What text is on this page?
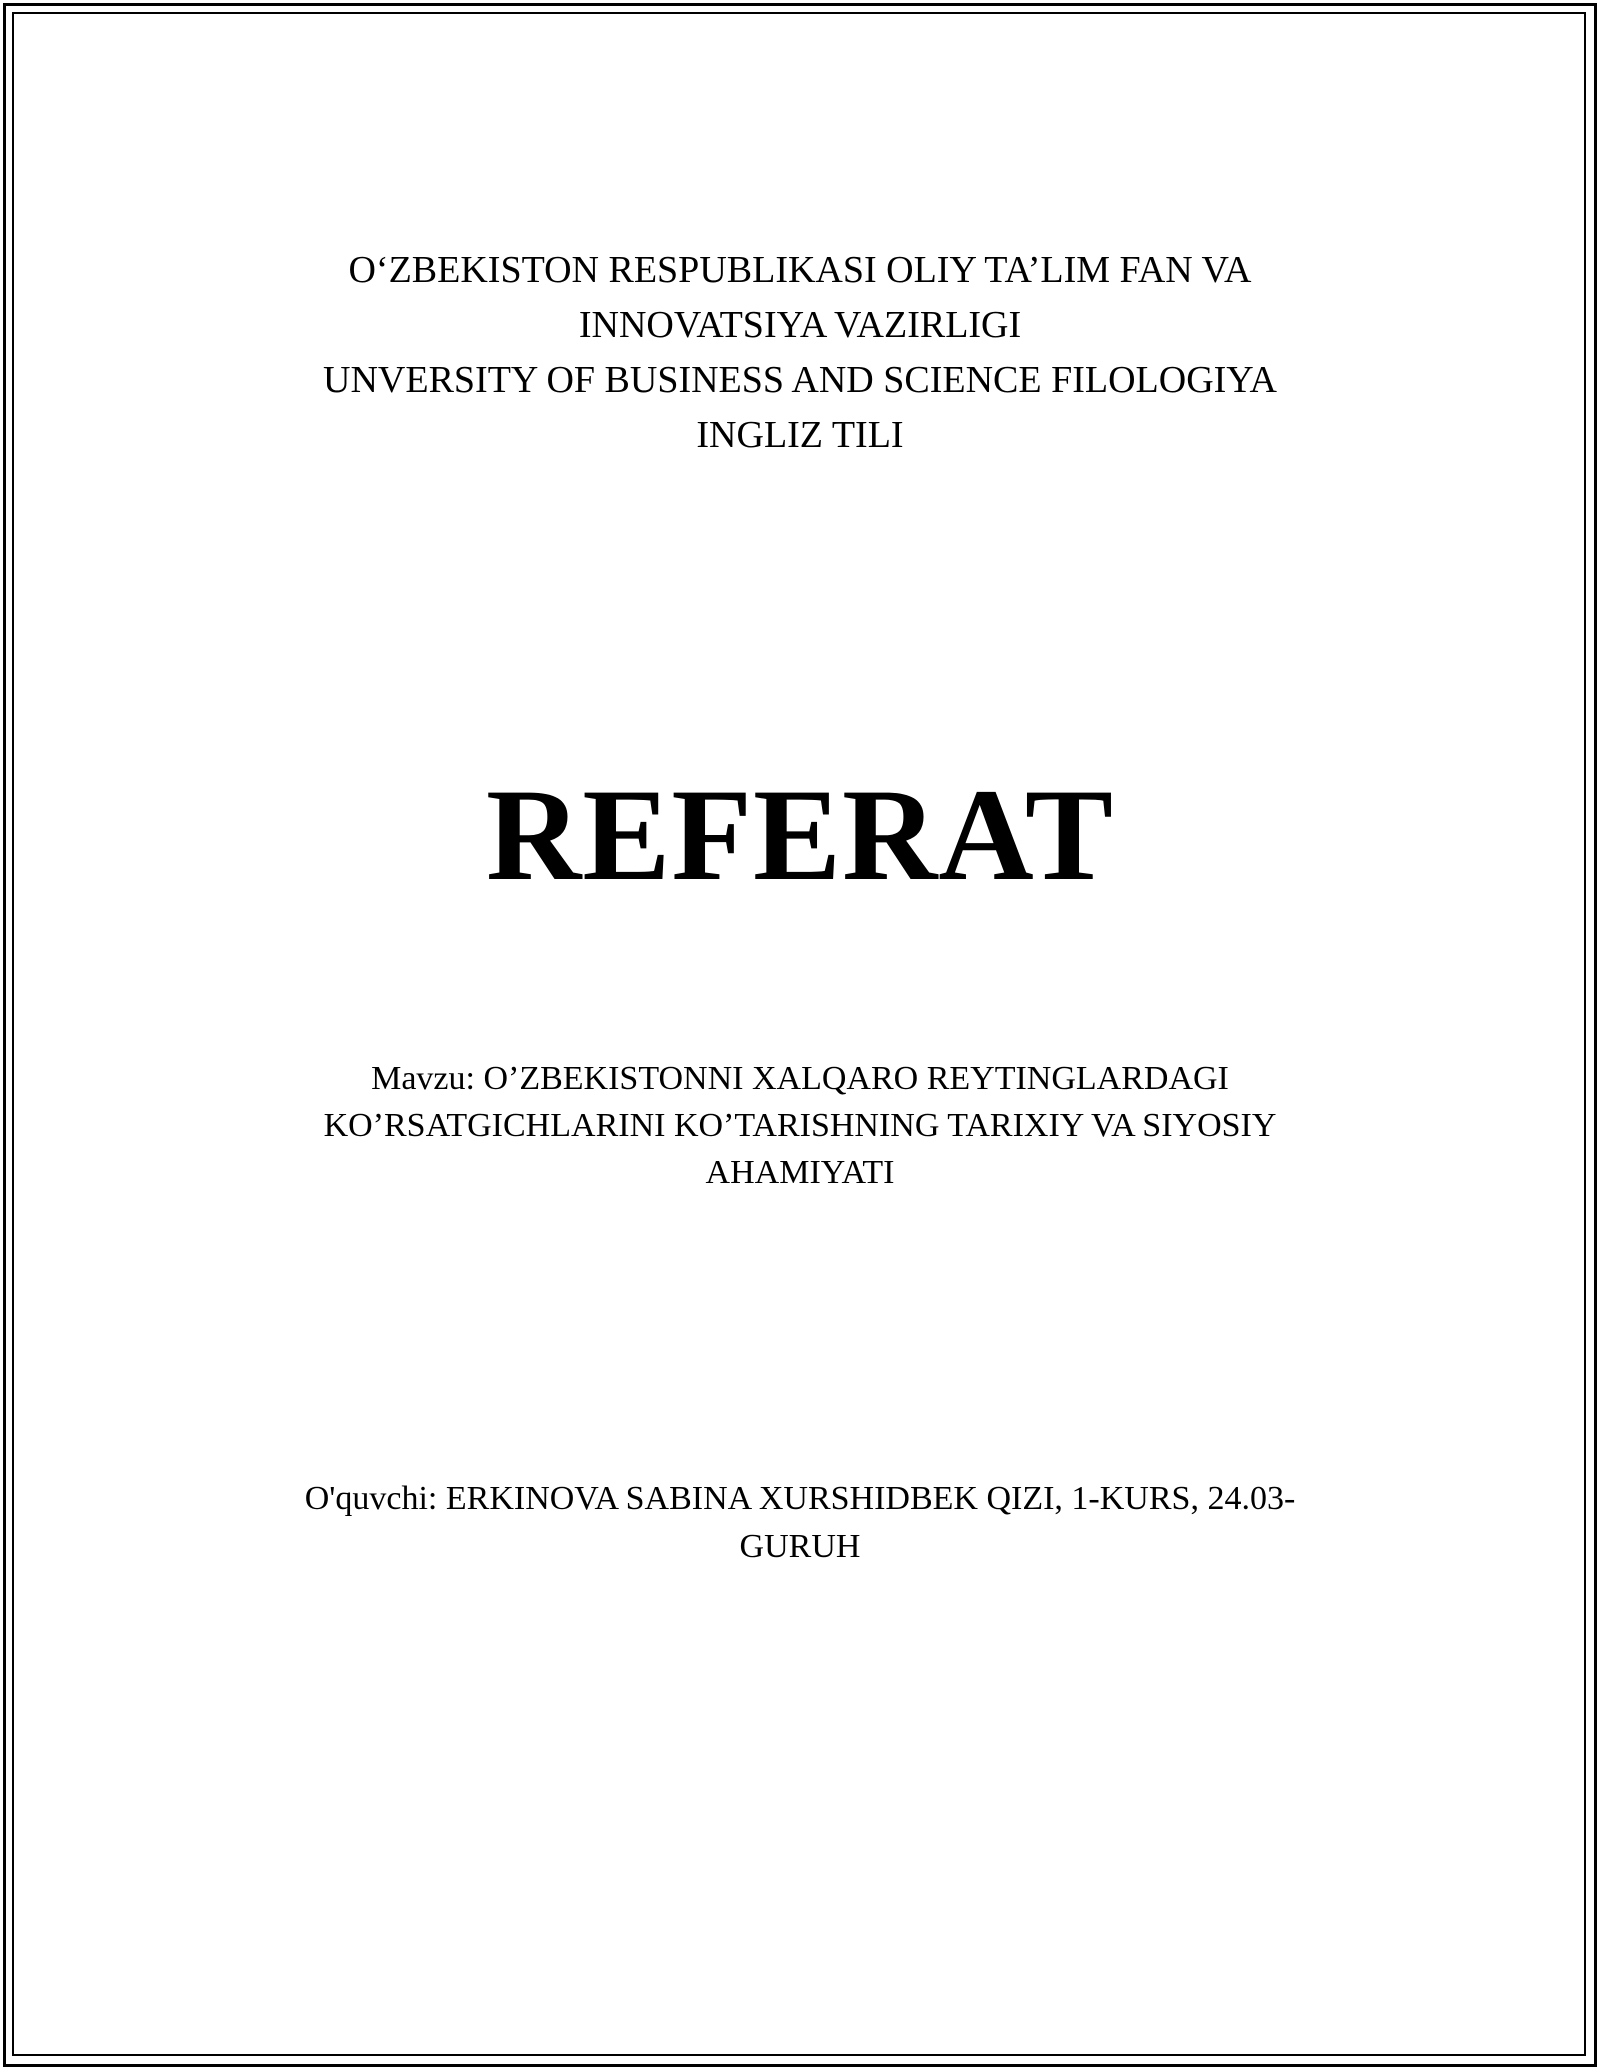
O‘ZBEKISTON RESPUBLIKASI OLIY TA’LIM FAN VA
INNOVATSIYA VAZIRLIGI
UNVERSITY OF BUSINESS AND SCIENCE FILOLOGIYA
INGLIZ TILI
REFERAT
Mavzu: O’ZBEKISTONNI XALQARO REYTINGLARDAGI
KO’RSATGICHLARINI KO’TARISHNING TARIXIY VA SIYOSIY
AHAMIYATI
O'quvchi: ERKINOVA SABINA XURSHIDBEK QIZI, 1-KURS, 24.03-
GURUH
